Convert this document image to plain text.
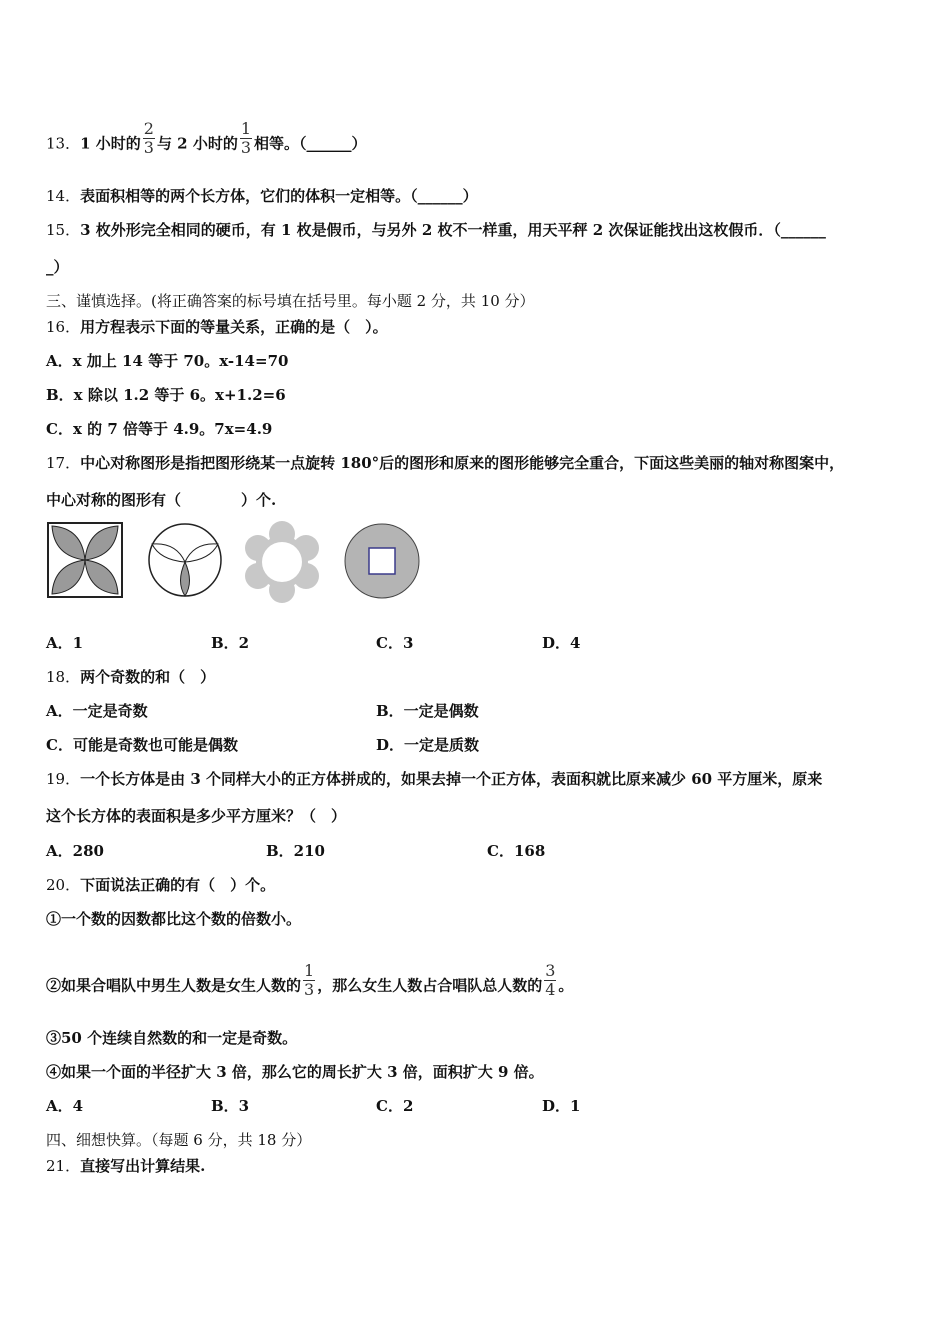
13．1 小时的 $\frac{2}{3}$ 与 2 小时的 $\frac{1}{3}$ 相等。（______）
14．表面积相等的两个长方体，它们的体积一定相等。（______）
15．3 枚外形完全相同的硬币，有 1 枚是假币，与另外 2 枚不一样重，用天平秤 2 次保证能找出这枚假币．（______
_）
三、谨慎选择。(将正确答案的标号填在括号里。每小题 2 分，共 10 分）
16．用方程表示下面的等量关系，正确的是（　）。
A．x 加上 14 等于 70。x-14=70
B．x 除以 1.2 等于 6。x+1.2=6
C．x 的 7 倍等于 4.9。7x=4.9
17．中心对称图形是指把图形绕某一点旋转 180°后的图形和原来的图形能够完全重合，下面这些美丽的轴对称图案中，
中心对称的图形有（　　　　）个.
A．1	B．2	C．3	D．4
18．两个奇数的和（　）
A．一定是奇数	B．一定是偶数
C．可能是奇数也可能是偶数	D．一定是质数
19．一个长方体是由 3 个同样大小的正方体拼成的，如果去掉一个正方体，表面积就比原来减少 60 平方厘米，原来
这个长方体的表面积是多少平方厘米？（　）
A．280	B．210	C．168
20．下面说法正确的有（　）个。
①一个数的因数都比这个数的倍数小。
②如果合唱队中男生人数是女生人数的 $\frac{1}{3}$ ，那么女生人数占合唱队总人数的 $\frac{3}{4}$ 。
③50 个连续自然数的和一定是奇数。
④如果一个面的半径扩大 3 倍，那么它的周长扩大 3 倍，面积扩大 9 倍。
A．4	B．3	C．2	D．1
四、细想快算。（每题 6 分，共 18 分）
21．直接写出计算结果.
